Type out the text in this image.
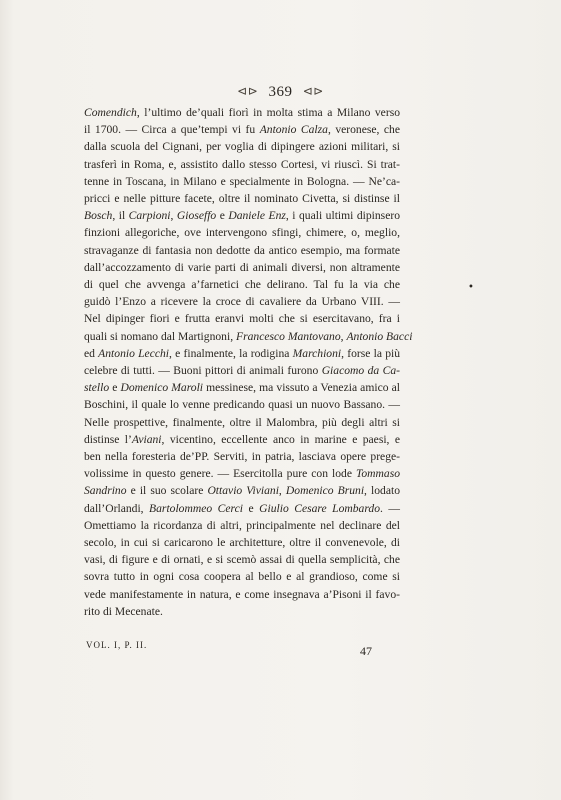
⊲⊳ 369 ⊲⊳
Comendich, l’ultimo de’quali fiorì in molta stima a Milano verso
il 1700. — Circa a que’tempi vi fu Antonio Calza, veronese, che
dalla scuola del Cignani, per voglia di dipingere azioni militari, si
trasferì in Roma, e, assistito dallo stesso Cortesi, vi riuscì. Si trat-
tenne in Toscana, in Milano e specialmente in Bologna. — Ne’ca-
pricci e nelle pitture facete, oltre il nominato Civetta, si distinse il
Bosch, il Carpioni, Gioseffo e Daniele Enz, i quali ultimi dipinsero
finzioni allegoriche, ove intervengono sfingi, chimere, o, meglio,
stravaganze di fantasia non dedotte da antico esempio, ma formate
dall’accozzamento di varie parti di animali diversi, non altramente
di quel che avvenga a’farnetici che delirano. Tal fu la via che
guidò l’Enzo a ricevere la croce di cavaliere da Urbano VIII. —
Nel dipinger fiori e frutta eranvi molti che si esercitavano, fra i
quali si nomano dal Martignoni, Francesco Mantovano, Antonio Bacci
ed Antonio Lecchi, e finalmente, la rodigina Marchioni, forse la più
celebre di tutti. — Buoni pittori di animali furono Giacomo da Ca-
stello e Domenico Maroli messinese, ma vissuto a Venezia amico al
Boschini, il quale lo venne predicando quasi un nuovo Bassano. —
Nelle prospettive, finalmente, oltre il Malombra, più degli altri si
distinse l’Aviani, vicentino, eccellente anco in marine e paesi, e
ben nella foresteria de’PP. Serviti, in patria, lasciava opere prege-
volissime in questo genere. — Esercitolla pure con lode Tommaso
Sandrino e il suo scolare Ottavio Viviani, Domenico Bruni, lodato
dall’Orlandi, Bartolommeo Cerci e Giulio Cesare Lombardo. —
Omettiamo la ricordanza di altri, principalmente nel declinare del
secolo, in cui si caricarono le architetture, oltre il convenevole, di
vasi, di figure e di ornati, e si scemò assai di quella semplicità, che
sovra tutto in ogni cosa coopera al bello e al grandioso, come si
vede manifestamente in natura, e come insegnava a’Pisoni il favo-
rito di Mecenate.
•
VOL. I, P. II.	47
